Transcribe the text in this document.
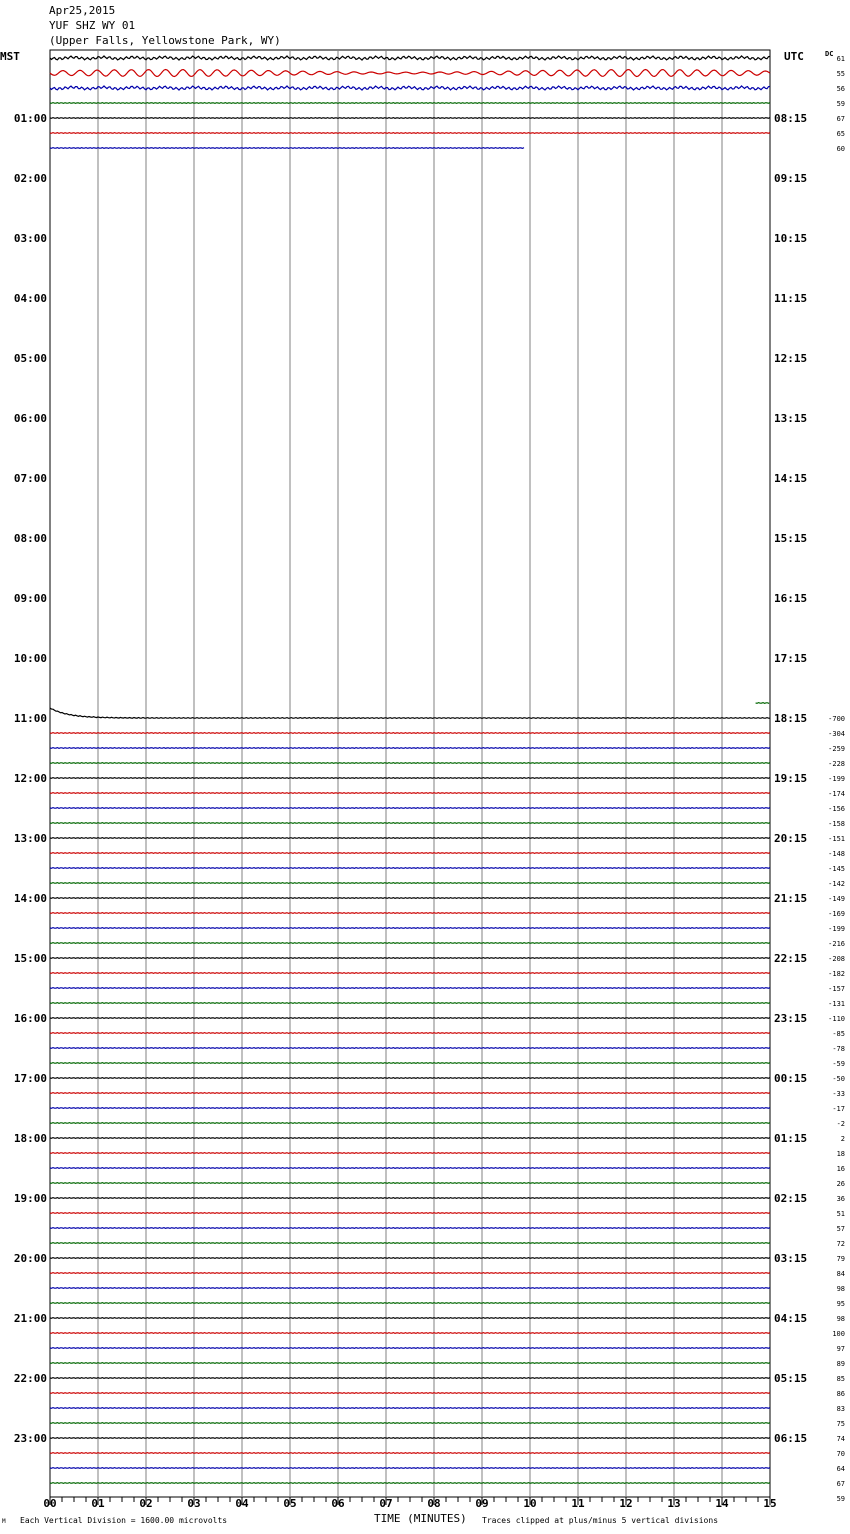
Apr25,2015
YUF SHZ WY 01
(Upper Falls, Yellowstone Park, WY)
MST	UTC
01:00
02:00
03:00
04:00
05:00
06:00
07:00
08:00
09:00
10:00
11:00
12:00
13:00
14:00
15:00
16:00
17:00
18:00
19:00
20:00
21:00
22:00
23:00
08:15
09:15
10:15
11:15
12:15
13:15
14:15
15:15
16:15
17:15
18:15
19:15
20:15
21:15
22:15
23:15
00:15
01:15
02:15
03:15
04:15
05:15
06:15
DC
61
55
56
59
67
65
60
-700
-304
-259
-228
-199
-174
-156
-158
-151
-148
-145
-142
-149
-169
-199
-216
-208
-182
-157
-131
-110
-85
-78
-59
-50
-33
-17
-2
2
18
16
26
36
51
57
72
79
84
98
95
98
100
97
89
85
86
83
75
74
70
64
67
59
00	01	02	03	04	05	06	07	08	09	10	11	12	13	14	15
M Each Vertical Division = 1600.00 microvolts	TIME (MINUTES) Traces clipped at plus/minus 5 vertical divisions
